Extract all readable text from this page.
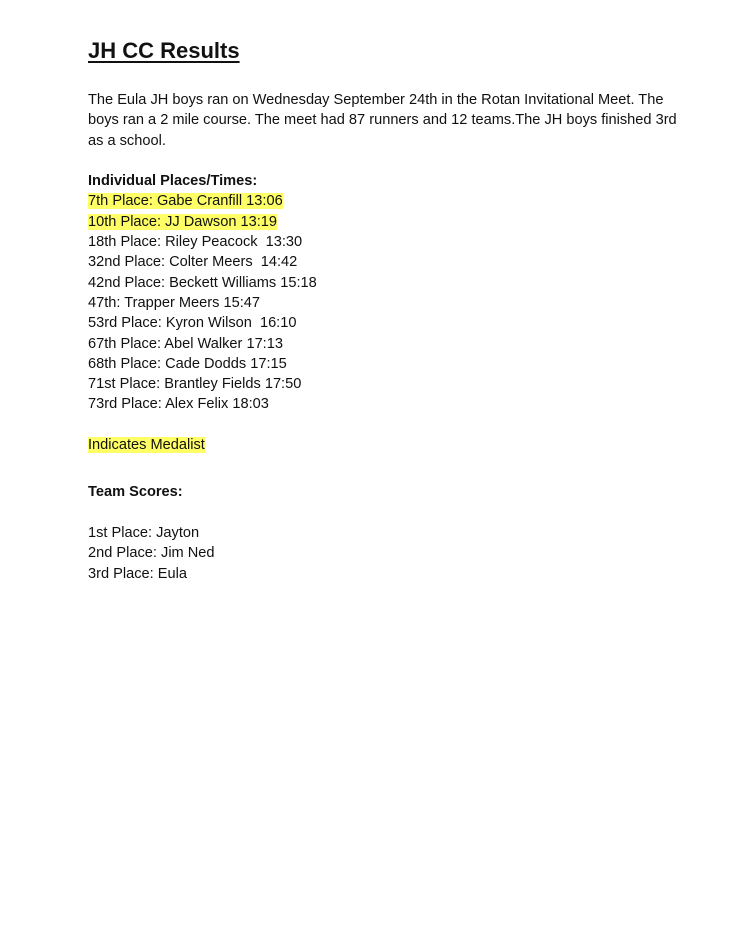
JH CC Results

The Eula JH boys ran on Wednesday September 24th in the Rotan Invitational Meet. The boys ran a 2 mile course. The meet had 87 runners and 12 teams.The JH boys finished 3rd as a school.

Individual Places/Times:

7th Place: Gabe Cranfill 13:06

10th Place: JJ Dawson 13:19

18th Place: Riley Peacock  13:30

32nd Place: Colter Meers  14:42

42nd Place: Beckett Williams 15:18

47th: Trapper Meers 15:47

53rd Place: Kyron Wilson  16:10

67th Place: Abel Walker 17:13

68th Place: Cade Dodds 17:15

71st Place: Brantley Fields 17:50

73rd Place: Alex Felix 18:03

Indicates Medalist

Team Scores:

1st Place: Jayton

2nd Place: Jim Ned

3rd Place: Eula
